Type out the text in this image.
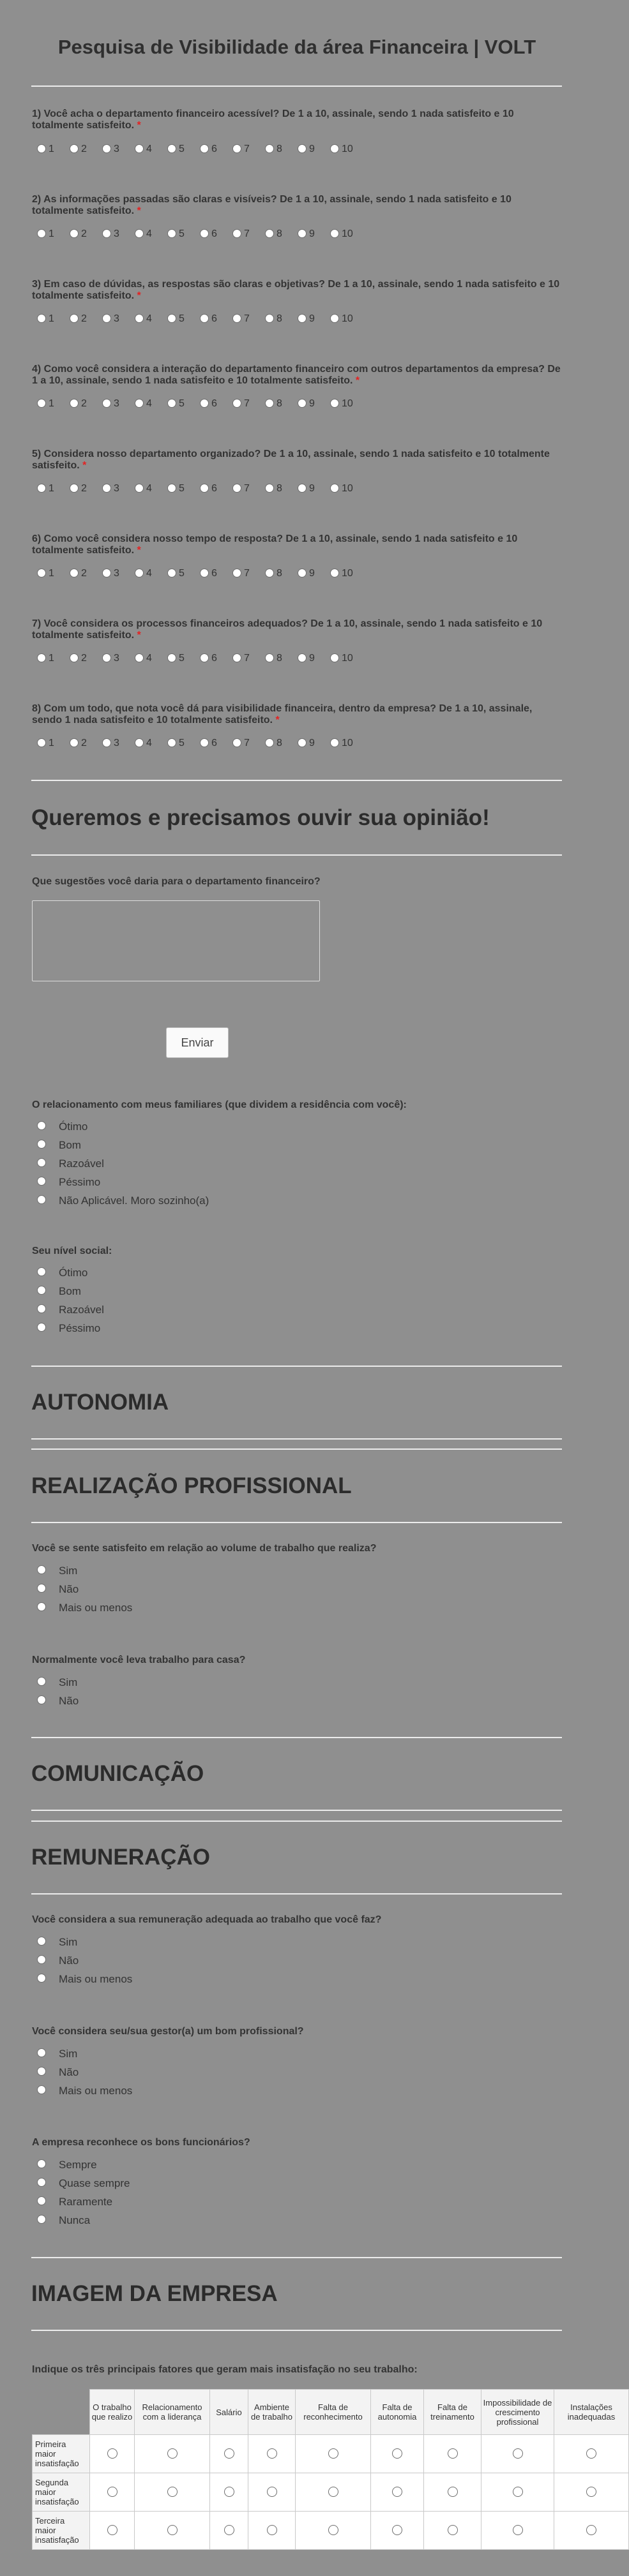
Pesquisa de Visibilidade da área Financeira | VOLT
1) Você acha o departamento financeiro acessível? De 1 a 10, assinale, sendo 1 nada satisfeito e 10 totalmente satisfeito. *
1	2	3	4	5	6	7	8	9	10
2) As informações passadas são claras e visíveis? De 1 a 10, assinale, sendo 1 nada satisfeito e 10 totalmente satisfeito. *
1	2	3	4	5	6	7	8	9	10
3) Em caso de dúvidas, as respostas são claras e objetivas? De 1 a 10, assinale, sendo 1 nada satisfeito e 10 totalmente satisfeito. *
1	2	3	4	5	6	7	8	9	10
4) Como você considera a interação do departamento financeiro com outros departamentos da empresa? De 1 a 10, assinale, sendo 1 nada satisfeito e 10 totalmente satisfeito. *
1	2	3	4	5	6	7	8	9	10
5) Considera nosso departamento organizado? De 1 a 10, assinale, sendo 1 nada satisfeito e 10 totalmente satisfeito. *
1	2	3	4	5	6	7	8	9	10
6) Como você considera nosso tempo de resposta? De 1 a 10, assinale, sendo 1 nada satisfeito e 10 totalmente satisfeito. *
1	2	3	4	5	6	7	8	9	10
7) Você considera os processos financeiros adequados? De 1 a 10, assinale, sendo 1 nada satisfeito e 10 totalmente satisfeito. *
1	2	3	4	5	6	7	8	9	10
8) Com um todo, que nota você dá para visibilidade financeira, dentro da empresa? De 1 a 10, assinale, sendo 1 nada satisfeito e 10 totalmente satisfeito. *
1	2	3	4	5	6	7	8	9	10
Queremos e precisamos ouvir sua opinião!
Que sugestões você daria para o departamento financeiro?
Enviar
O relacionamento com meus familiares (que dividem a residência com você):
Seu nível social:
AUTONOMIA
REALIZAÇÃO PROFISSIONAL
Você se sente satisfeito em relação ao volume de trabalho que realiza?
Normalmente você leva trabalho para casa?
COMUNICAÇÃO
REMUNERAÇÃO
Você considera a sua remuneração adequada ao trabalho que você faz?
Você considera seu/sua gestor(a) um bom profissional?
A empresa reconhece os bons funcionários?
IMAGEM DA EMPRESA
Indique os três principais fatores que geram mais insatisfação no seu trabalho:
	O trabalho que realizo	Relacionamento com a liderança	Salário	Ambiente de trabalho	Falta de reconhecimento	Falta de autonomia	Falta de treinamento	Impossibilidade de crescimento profissional	Instalações inadequadas
Primeira maior insatisfação									
Segunda maior insatisfação									
Terceira maior insatisfação									
Ótimo
Bom
Razoável
Péssimo
Não Aplicável. Moro sozinho(a)
Ótimo
Bom
Razoável
Péssimo
Sim
Não
Mais ou menos
Sim
Não
Sim
Não
Mais ou menos
Sim
Não
Mais ou menos
Sempre
Quase sempre
Raramente
Nunca
